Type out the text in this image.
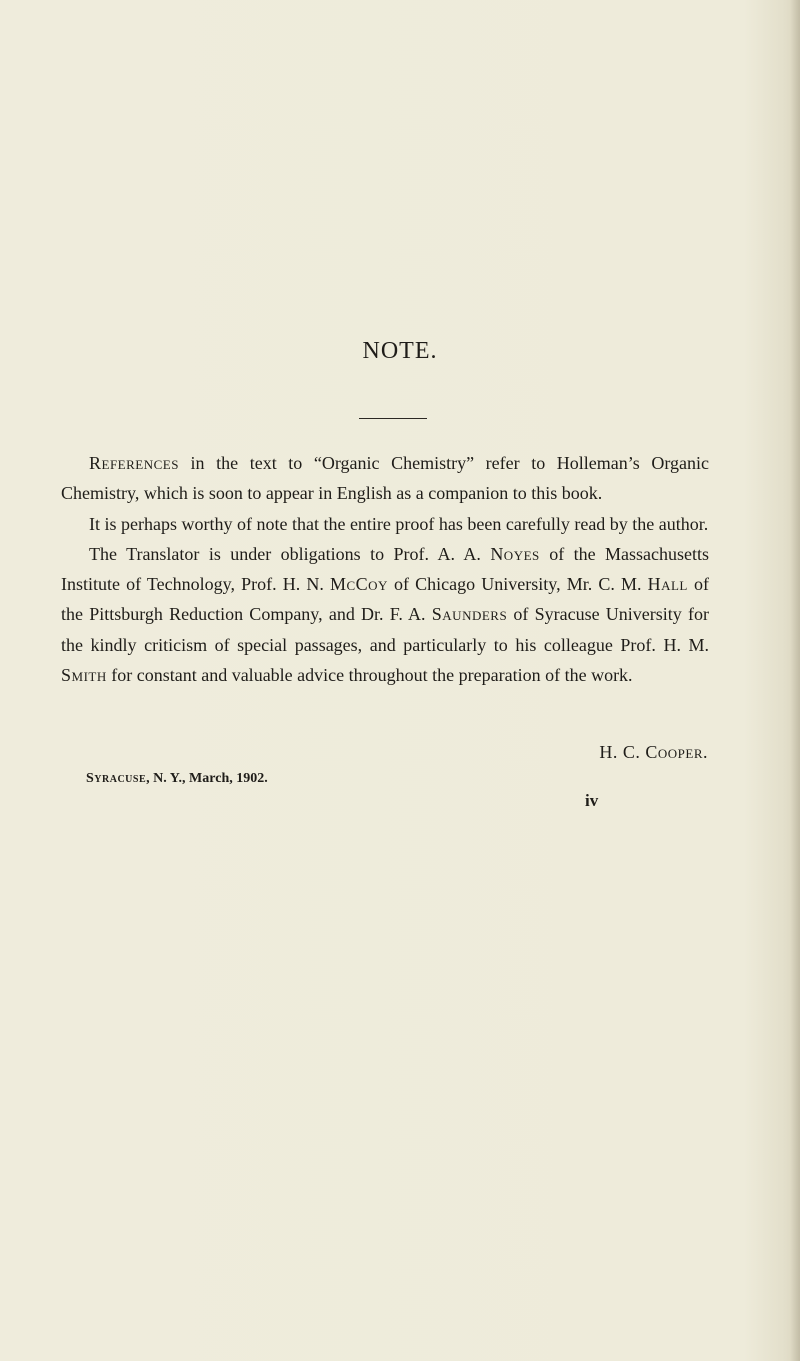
NOTE.

References in the text to “Organic Chemistry” refer to Holleman’s Organic Chemistry, which is soon to appear in English as a companion to this book.

It is perhaps worthy of note that the entire proof has been carefully read by the author.

The Translator is under obligations to Prof. A. A. Noyes of the Massachusetts Institute of Technology, Prof. H. N. McCoy of Chicago University, Mr. C. M. Hall of the Pittsburgh Reduction Company, and Dr. F. A. Saunders of Syracuse University for the kindly criticism of special passages, and particularly to his colleague Prof. H. M. Smith for constant and valuable advice throughout the preparation of the work.

H. C. Cooper.
Syracuse, N. Y., March, 1902.
iv
